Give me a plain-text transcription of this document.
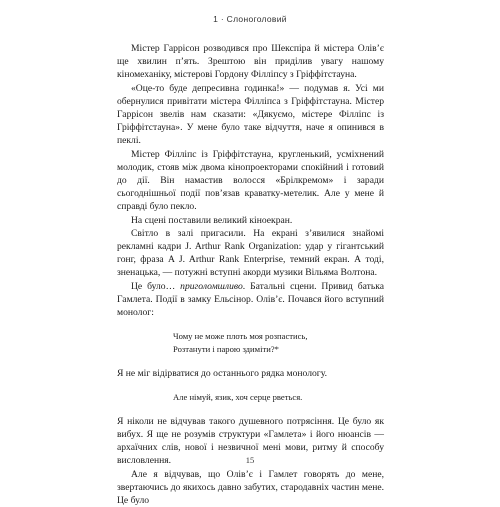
1 · Слоноголовий

Містер Гаррісон розводився про Шекспіра й містера Олів’є ще хвилин п’ять. Зрештою він приділив увагу нашому кіномеханіку, містерові Гордону Філліпсу з Гріффітстауна.

«Оце-то буде депресивна годинка!» — подумав я. Усі ми обернулися привітати містера Філліпса з Гріффітстауна. Містер Гаррісон звелів нам сказати: «Дякуємо, містере Філліпс із Гріффітстауна». У мене було таке відчуття, наче я опинився в пеклі.

Містер Філліпс із Гріффітстауна, кругленький, усміхнений молодик, стояв між двома кінопроекторами спокійний і готовий до дії. Він намастив волосся «Брілкремом» і заради сьогоднішньої події пов’язав краватку-метелик. Але у мене й справді було пекло.

На сцені поставили великий кіноекран.

Світло в залі пригасили. На екрані з’явилися знайомі рекламні кадри J. Arthur Rank Organization: удар у гігантський гонг, фраза A J. Arthur Rank Enterprise, темний екран. А тоді, зненацька, — потужні вступні акорди музики Вільяма Волтона.

Це було… приголомшливо. Батальні сцени. Привид батька Гамлета. Події в замку Ельсінор. Олів’є. Почався його вступний монолог:

Чому не може плоть моя розпастись,

Розтанути і парою здиміти?*

Я не міг відірватися до останнього рядка монологу.

Але німуй, язик, хоч серце рветься.

Я ніколи не відчував такого душевного потрясіння. Це було як вибух. Я ще не розумів структури «Гамлета» і його нюансів — архаїчних слів, нової і незвичної мені мови, ритму й способу висловлення.

Але я відчував, що Олів’є і Гамлет говорять до мене, звертаючись до якихось давно забутих, стародавніх частин мене. Це було

15
